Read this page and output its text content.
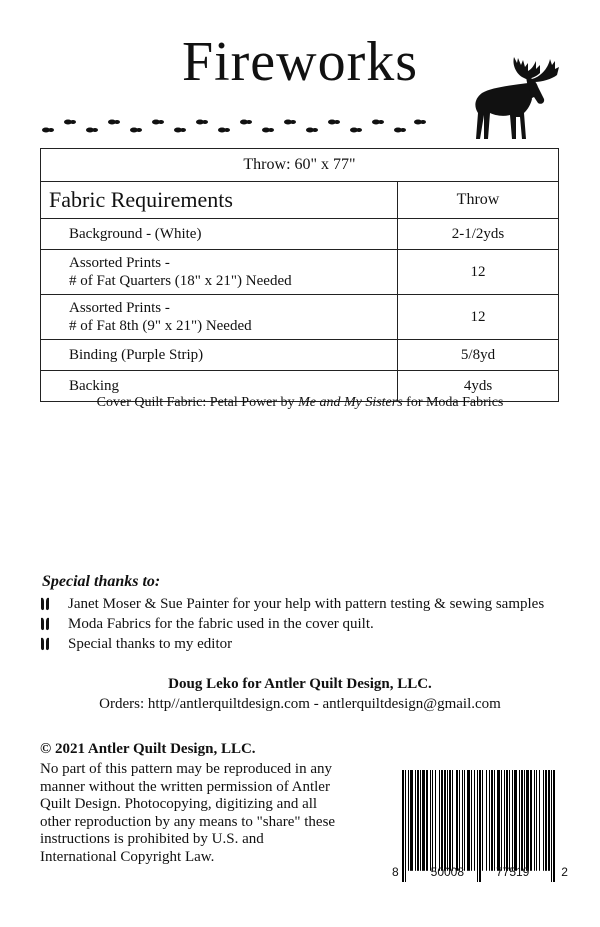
Fireworks
Throw: 60" x 77"	
Fabric Requirements	Throw
Background - (White)	2-1/2yds

Assorted Prints -
# of Fat Quarters (18" x 21") Needed	12

Assorted Prints -
# of Fat 8th (9" x 21") Needed	12
Binding (Purple Strip)	5/8yd
Backing	4yds
Cover Quilt Fabric: Petal Power by Me and My Sisters for Moda Fabrics
Special thanks to:
Janet Moser & Sue Painter for your help with pattern testing & sewing samples
Moda Fabrics for the fabric used in the cover quilt.
Special thanks to my editor
Doug Leko for Antler Quilt Design, LLC.
Orders: http//antlerquiltdesign.com - antlerquiltdesign@gmail.com
© 2021 Antler Quilt Design, LLC.
No part of this pattern may be reproduced in any manner without the written permission of Antler Quilt Design. Photocopying, digitizing and all other reproduction by any means to "share" these instructions is prohibited by U.S. and International Copyright Law.
8	50008	77519	2
